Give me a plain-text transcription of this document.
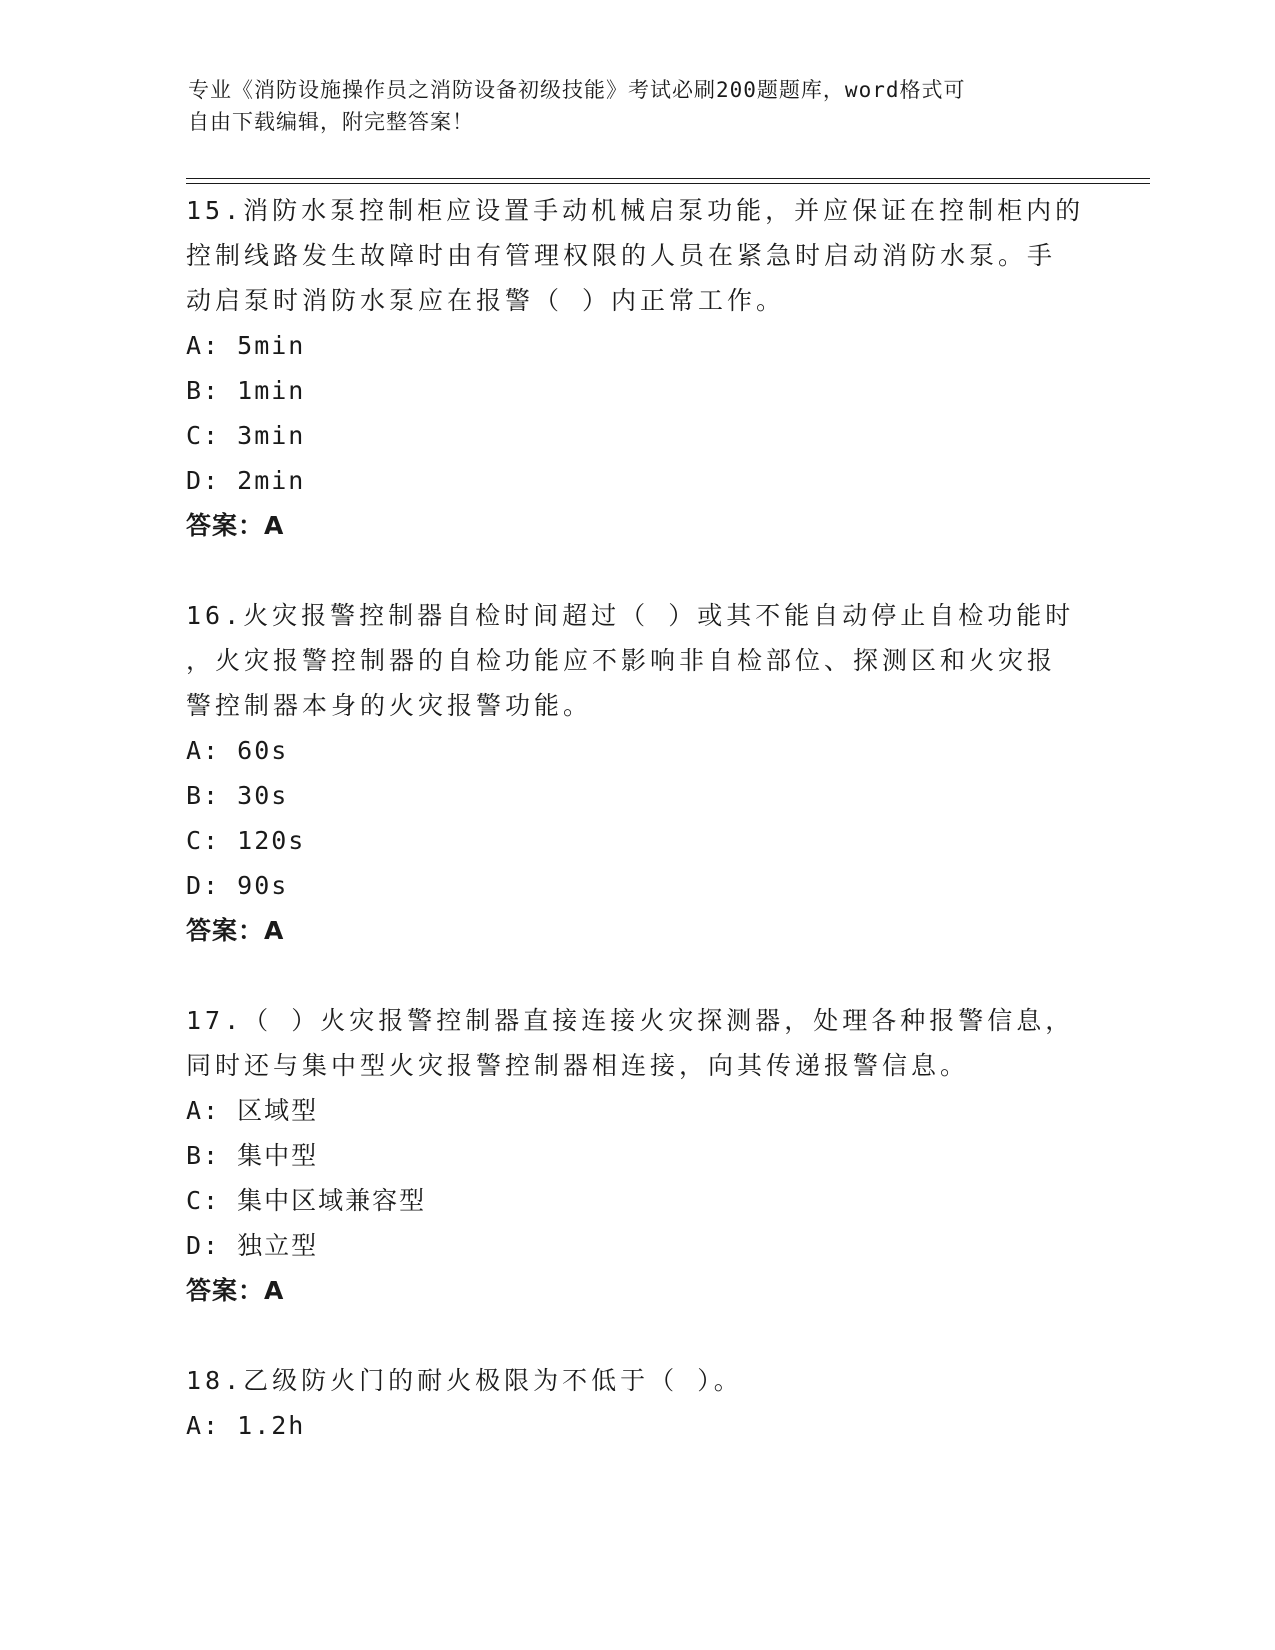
专业《消防设施操作员之消防设备初级技能》考试必刷200题题库，word格式可
自由下载编辑，附完整答案！

15.消防水泵控制柜应设置手动机械启泵功能，并应保证在控制柜内的

控制线路发生故障时由有管理权限的人员在紧急时启动消防水泵。手

动启泵时消防水泵应在报警（ ）内正常工作。

A: 5min

B: 1min

C: 3min

D: 2min

答案：A

16.火灾报警控制器自检时间超过（ ）或其不能自动停止自检功能时

，火灾报警控制器的自检功能应不影响非自检部位、探测区和火灾报

警控制器本身的火灾报警功能。

A: 60s

B: 30s

C: 120s

D: 90s

答案：A

17.（ ）火灾报警控制器直接连接火灾探测器，处理各种报警信息，

同时还与集中型火灾报警控制器相连接，向其传递报警信息。

A: 区域型

B: 集中型

C: 集中区域兼容型

D: 独立型

答案：A

18.乙级防火门的耐火极限为不低于（ ）。

A: 1.2h
